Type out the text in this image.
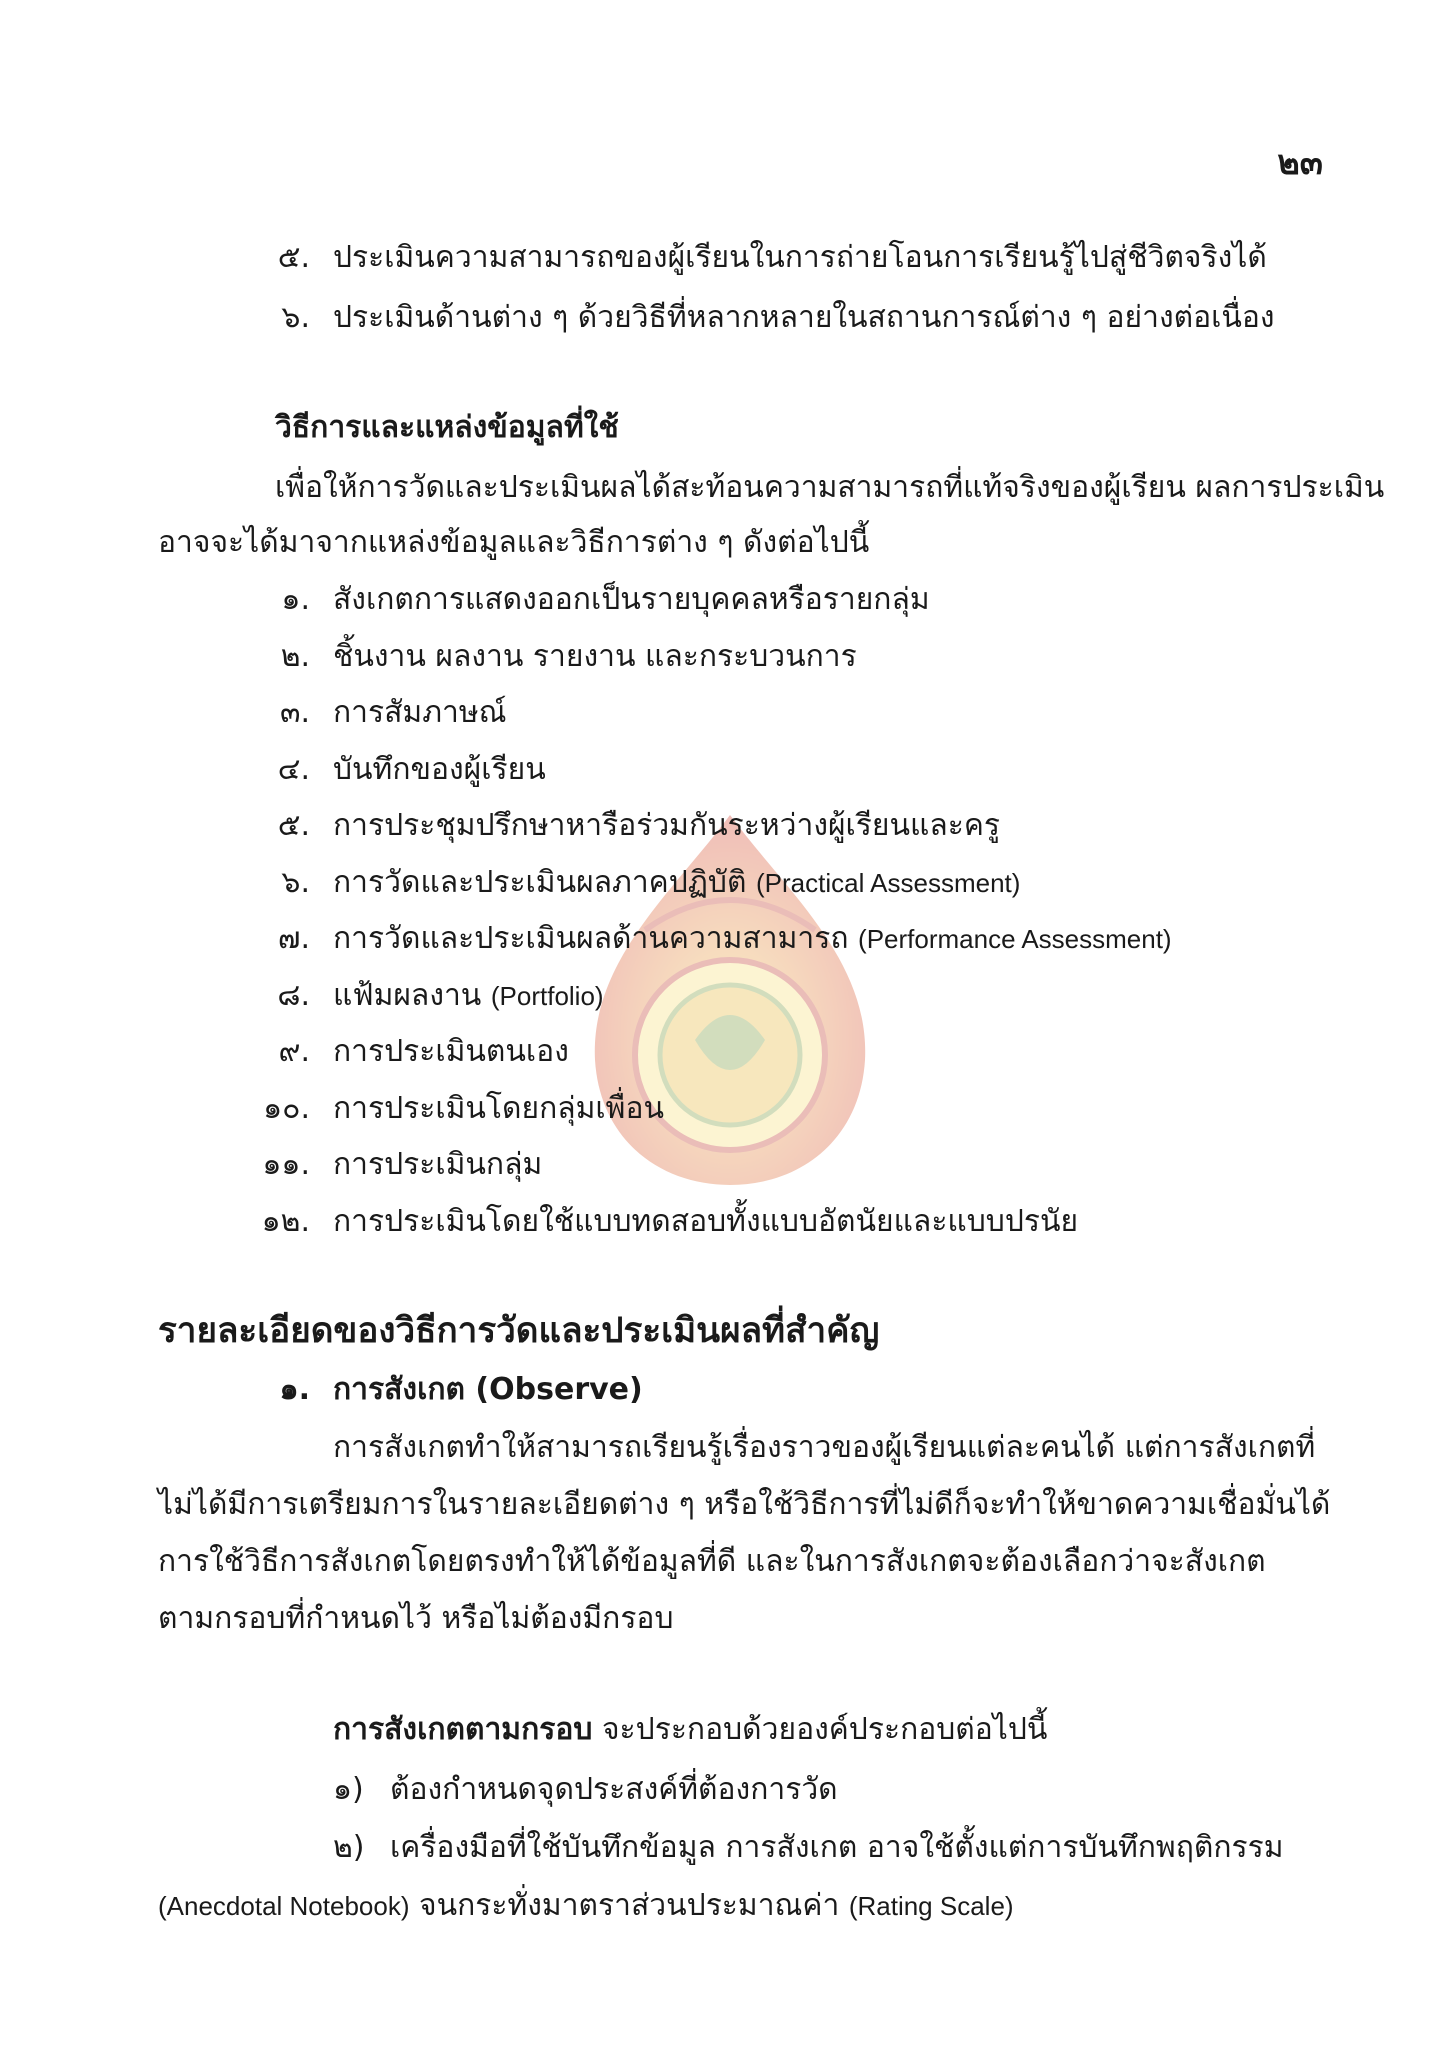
๒๓
๕. ประเมินความสามารถของผู้เรียนในการถ่ายโอนการเรียนรู้ไปสู่ชีวิตจริงได้
๖. ประเมินด้านต่าง ๆ ด้วยวิธีที่หลากหลายในสถานการณ์ต่าง ๆ อย่างต่อเนื่อง
วิธีการและแหล่งข้อมูลที่ใช้
เพื่อให้การวัดและประเมินผลได้สะท้อนความสามารถที่แท้จริงของผู้เรียน ผลการประเมิน
อาจจะได้มาจากแหล่งข้อมูลและวิธีการต่าง ๆ ดังต่อไปนี้
๑. สังเกตการแสดงออกเป็นรายบุคคลหรือรายกลุ่ม
๒. ชิ้นงาน ผลงาน รายงาน และกระบวนการ
๓. การสัมภาษณ์
๔. บันทึกของผู้เรียน
๕. การประชุมปรึกษาหารือร่วมกันระหว่างผู้เรียนและครู
๖. การวัดและประเมินผลภาคปฏิบัติ (Practical Assessment)
๗. การวัดและประเมินผลด้านความสามารถ (Performance Assessment)
๘. แฟ้มผลงาน (Portfolio)
๙. การประเมินตนเอง
๑๐. การประเมินโดยกลุ่มเพื่อน
๑๑. การประเมินกลุ่ม
๑๒. การประเมินโดยใช้แบบทดสอบทั้งแบบอัตนัยและแบบปรนัย
รายละเอียดของวิธีการวัดและประเมินผลที่สำคัญ
๑. การสังเกต (Observe)
การสังเกตทำให้สามารถเรียนรู้เรื่องราวของผู้เรียนแต่ละคนได้ แต่การสังเกตที่
ไม่ได้มีการเตรียมการในรายละเอียดต่าง ๆ หรือใช้วิธีการที่ไม่ดีก็จะทำให้ขาดความเชื่อมั่นได้
การใช้วิธีการสังเกตโดยตรงทำให้ได้ข้อมูลที่ดี และในการสังเกตจะต้องเลือกว่าจะสังเกต
ตามกรอบที่กำหนดไว้ หรือไม่ต้องมีกรอบ
การสังเกตตามกรอบ จะประกอบด้วยองค์ประกอบต่อไปนี้
๑) ต้องกำหนดจุดประสงค์ที่ต้องการวัด
๒) เครื่องมือที่ใช้บันทึกข้อมูล การสังเกต อาจใช้ตั้งแต่การบันทึกพฤติกรรม
(Anecdotal Notebook) จนกระทั่งมาตราส่วนประมาณค่า (Rating Scale)
